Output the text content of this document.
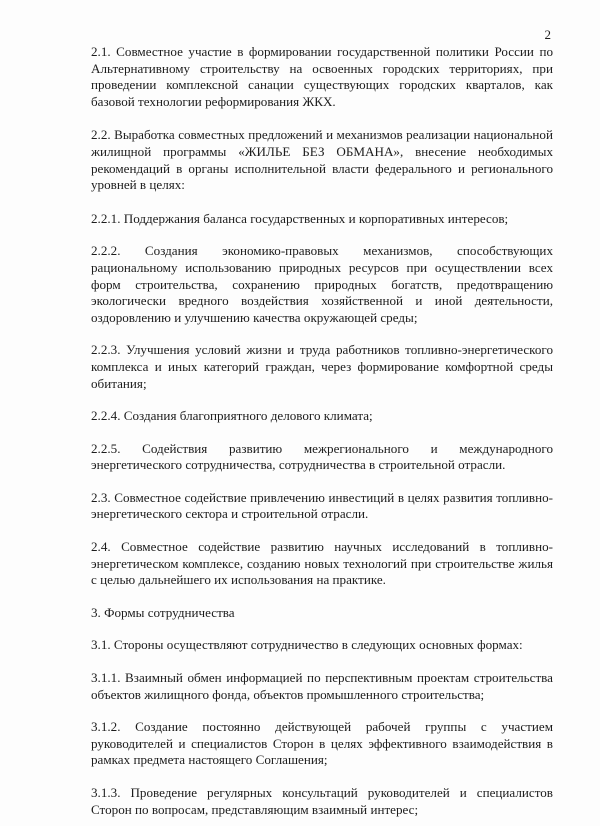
2

2.1. Совместное участие в формировании государственной политики России по Альтернативному строительству на освоенных городских территориях, при проведении комплексной санации существующих городских кварталов, как базовой технологии реформирования ЖКХ.

2.2. Выработка совместных предложений и механизмов реализации национальной жилищной программы «ЖИЛЬЕ БЕЗ ОБМАНА», внесение необходимых рекомендаций в органы исполнительной власти федерального и регионального уровней в целях:

2.2.1. Поддержания баланса государственных и корпоративных интересов;

2.2.2. Создания экономико-правовых механизмов, способствующих рациональному использованию природных ресурсов при осуществлении всех форм строительства, сохранению природных богатств, предотвращению экологически вредного воздействия хозяйственной и иной деятельности, оздоровлению и улучшению качества окружающей среды;

2.2.3. Улучшения условий жизни и труда работников топливно-энергетического комплекса и иных категорий граждан, через формирование комфортной среды обитания;

2.2.4. Создания благоприятного делового климата;

2.2.5. Содействия развитию межрегионального и международного энергетического сотрудничества, сотрудничества в строительной отрасли.

2.3. Совместное содействие привлечению инвестиций в целях развития топливно-энергетического сектора и строительной отрасли.

2.4. Совместное содействие развитию научных исследований в топливно-энергетическом комплексе, созданию новых технологий при строительстве жилья с целью дальнейшего их использования на практике.

3. Формы сотрудничества

3.1. Стороны осуществляют сотрудничество в следующих основных формах:

3.1.1. Взаимный обмен информацией по перспективным проектам строительства объектов жилищного фонда, объектов промышленного строительства;

3.1.2. Создание постоянно действующей рабочей группы с участием руководителей и специалистов Сторон в целях эффективного взаимодействия в рамках предмета настоящего Соглашения;

3.1.3. Проведение регулярных консультаций руководителей и специалистов Сторон по вопросам, представляющим взаимный интерес;
